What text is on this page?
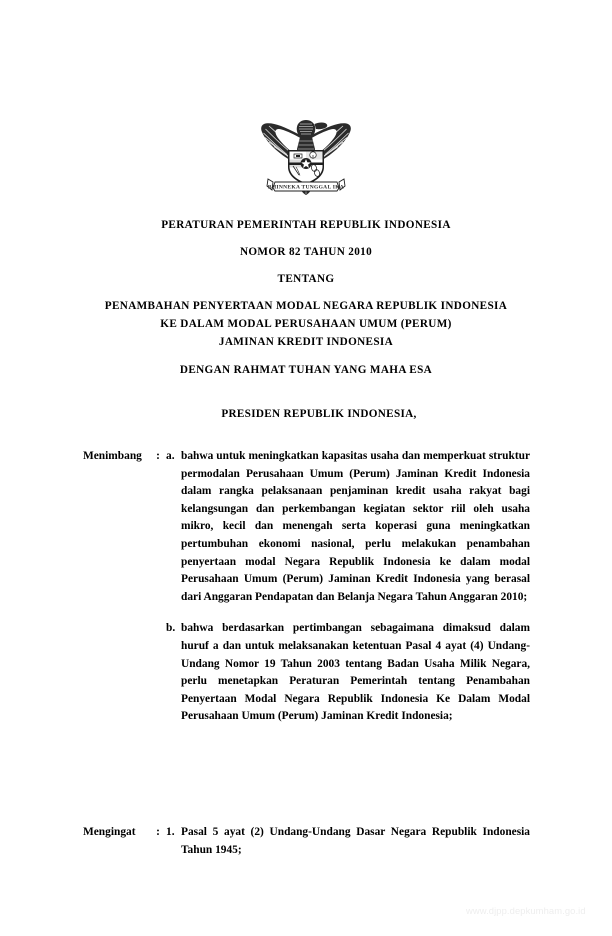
BHINNEKA TUNGGAL IKA
PERATURAN PEMERINTAH REPUBLIK INDONESIA
NOMOR 82 TAHUN 2010
TENTANG
PENAMBAHAN PENYERTAAN MODAL NEGARA REPUBLIK INDONESIA
KE DALAM MODAL PERUSAHAAN UMUM (PERUM)
JAMINAN KREDIT INDONESIA
DENGAN RAHMAT TUHAN YANG MAHA ESA
PRESIDEN REPUBLIK INDONESIA,
Menimbang	: a. bahwa untuk meningkatkan kapasitas usaha dan memperkuat struktur permodalan Perusahaan Umum (Perum) Jaminan Kredit Indonesia dalam rangka pelaksanaan penjaminan kredit usaha rakyat bagi kelangsungan dan perkembangan kegiatan sektor riil oleh usaha mikro, kecil dan menengah serta koperasi guna meningkatkan pertumbuhan ekonomi nasional, perlu melakukan penambahan penyertaan modal Negara Republik Indonesia ke dalam modal Perusahaan Umum (Perum) Jaminan Kredit Indonesia yang berasal dari Anggaran Pendapatan dan Belanja Negara Tahun Anggaran 2010;
b. bahwa berdasarkan pertimbangan sebagaimana dimaksud dalam huruf a dan untuk melaksanakan ketentuan Pasal 4 ayat (4) Undang-Undang Nomor 19 Tahun 2003 tentang Badan Usaha Milik Negara, perlu menetapkan Peraturan Pemerintah tentang Penambahan Penyertaan Modal Negara Republik Indonesia Ke Dalam Modal Perusahaan Umum (Perum) Jaminan Kredit Indonesia;
Mengingat	: 1. Pasal 5 ayat (2) Undang-Undang Dasar Negara Republik Indonesia Tahun 1945;
www.djpp.depkumham.go.id
